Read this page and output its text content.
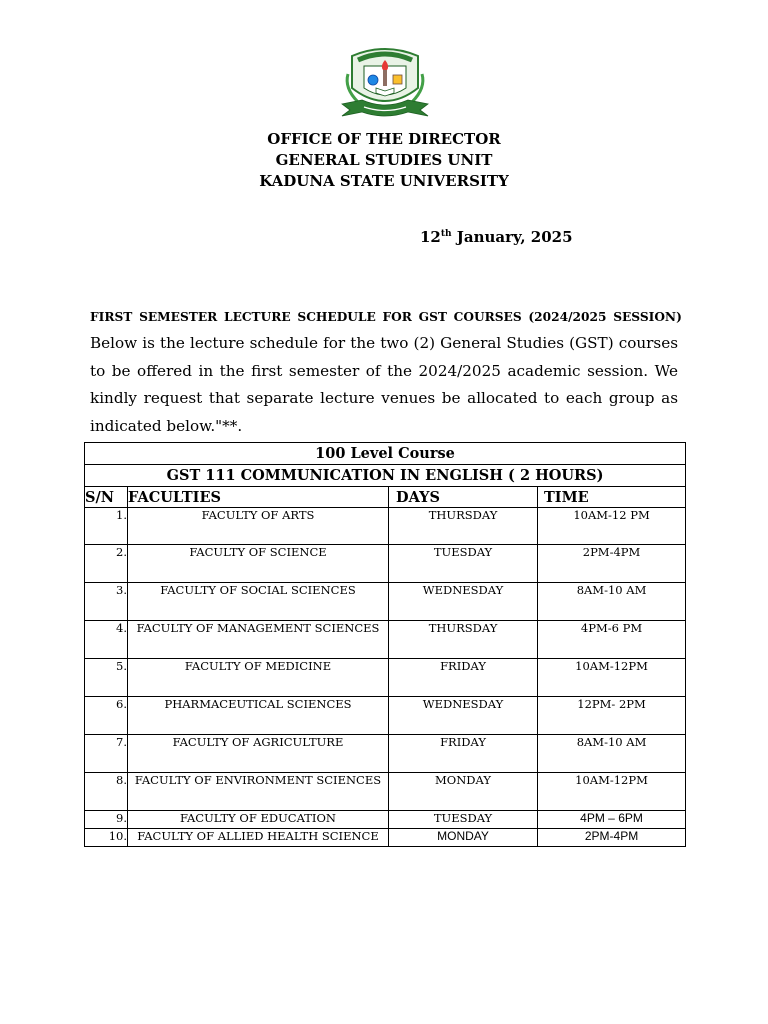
OFFICE OF THE DIRECTOR
GENERAL STUDIES UNIT
KADUNA STATE UNIVERSITY
12th January, 2025
FIRST SEMESTER LECTURE SCHEDULE FOR GST COURSES (2024/2025 SESSION)

Below is the lecture schedule for the two (2) General Studies (GST) courses to be offered in the first semester of the 2024/2025 academic session. We kindly request that separate lecture venues be allocated to each group as indicated below."**.

100 Level Course			
GST 111 COMMUNICATION IN ENGLISH ( 2 HOURS)			
S/N	FACULTIES	DAYS	TIME
1.	FACULTY OF ARTS	THURSDAY	10AM-12 PM
2.	FACULTY OF SCIENCE	TUESDAY	2PM-4PM
3.	FACULTY OF SOCIAL SCIENCES	WEDNESDAY	8AM-10 AM
4.	FACULTY OF MANAGEMENT SCIENCES	THURSDAY	4PM-6 PM
5.	FACULTY OF MEDICINE	FRIDAY	10AM-12PM
6.	PHARMACEUTICAL SCIENCES	WEDNESDAY	12PM- 2PM
7.	FACULTY OF AGRICULTURE	FRIDAY	8AM-10 AM
8.	FACULTY OF ENVIRONMENT SCIENCES	MONDAY	10AM-12PM
9.	FACULTY OF EDUCATION	TUESDAY	4PM – 6PM
10.	FACULTY OF ALLIED HEALTH SCIENCE	MONDAY	2PM-4PM
